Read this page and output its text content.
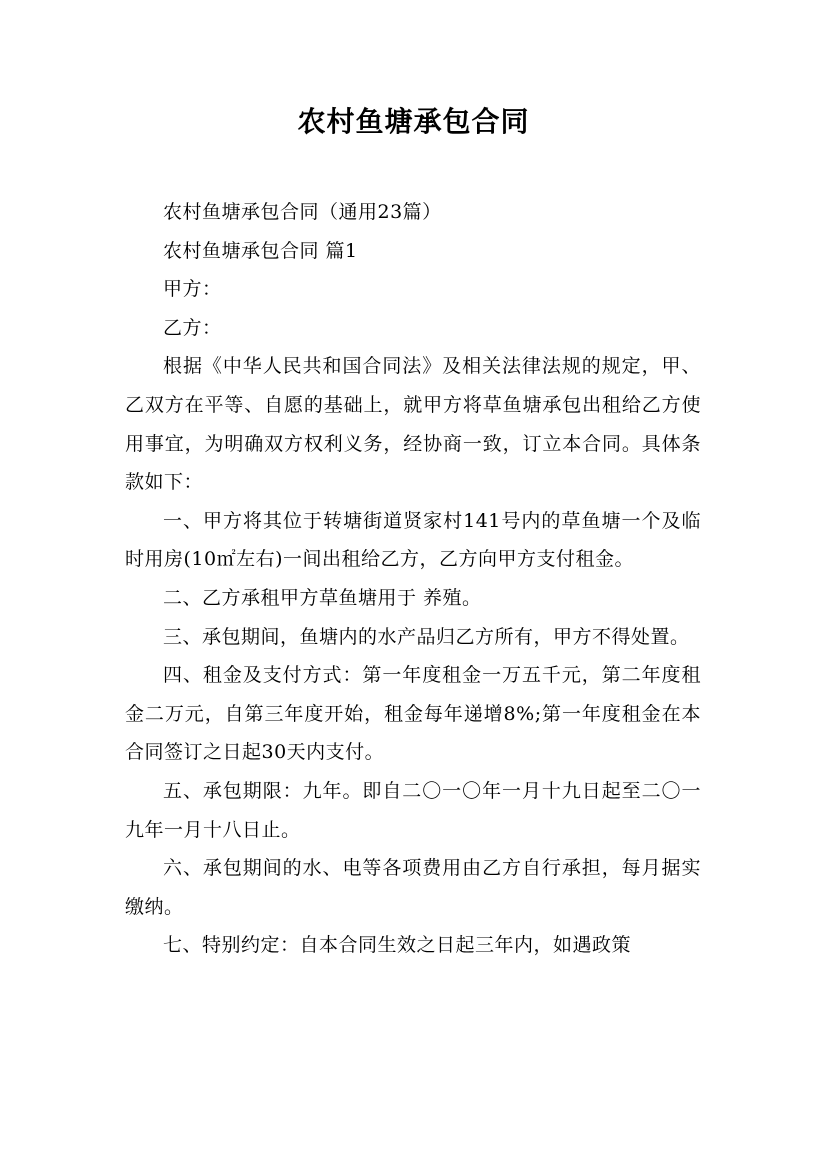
农村鱼塘承包合同

农村鱼塘承包合同（通用23篇）

农村鱼塘承包合同 篇1

甲方：

乙方：

根据《中华人民共和国合同法》及相关法律法规的规定，甲、乙双方在平等、自愿的基础上，就甲方将草鱼塘承包出租给乙方使用事宜，为明确双方权利义务，经协商一致，订立本合同。具体条款如下：

一、甲方将其位于转塘街道贤家村141号内的草鱼塘一个及临时用房(10㎡左右)一间出租给乙方，乙方向甲方支付租金。

二、乙方承租甲方草鱼塘用于 养殖。

三、承包期间，鱼塘内的水产品归乙方所有，甲方不得处置。

四、租金及支付方式：第一年度租金一万五千元，第二年度租金二万元，自第三年度开始，租金每年递增8%;第一年度租金在本合同签订之日起30天内支付。

五、承包期限：九年。即自二〇一〇年一月十九日起至二〇一九年一月十八日止。

六、承包期间的水、电等各项费用由乙方自行承担，每月据实缴纳。

七、特别约定：自本合同生效之日起三年内，如遇政策
